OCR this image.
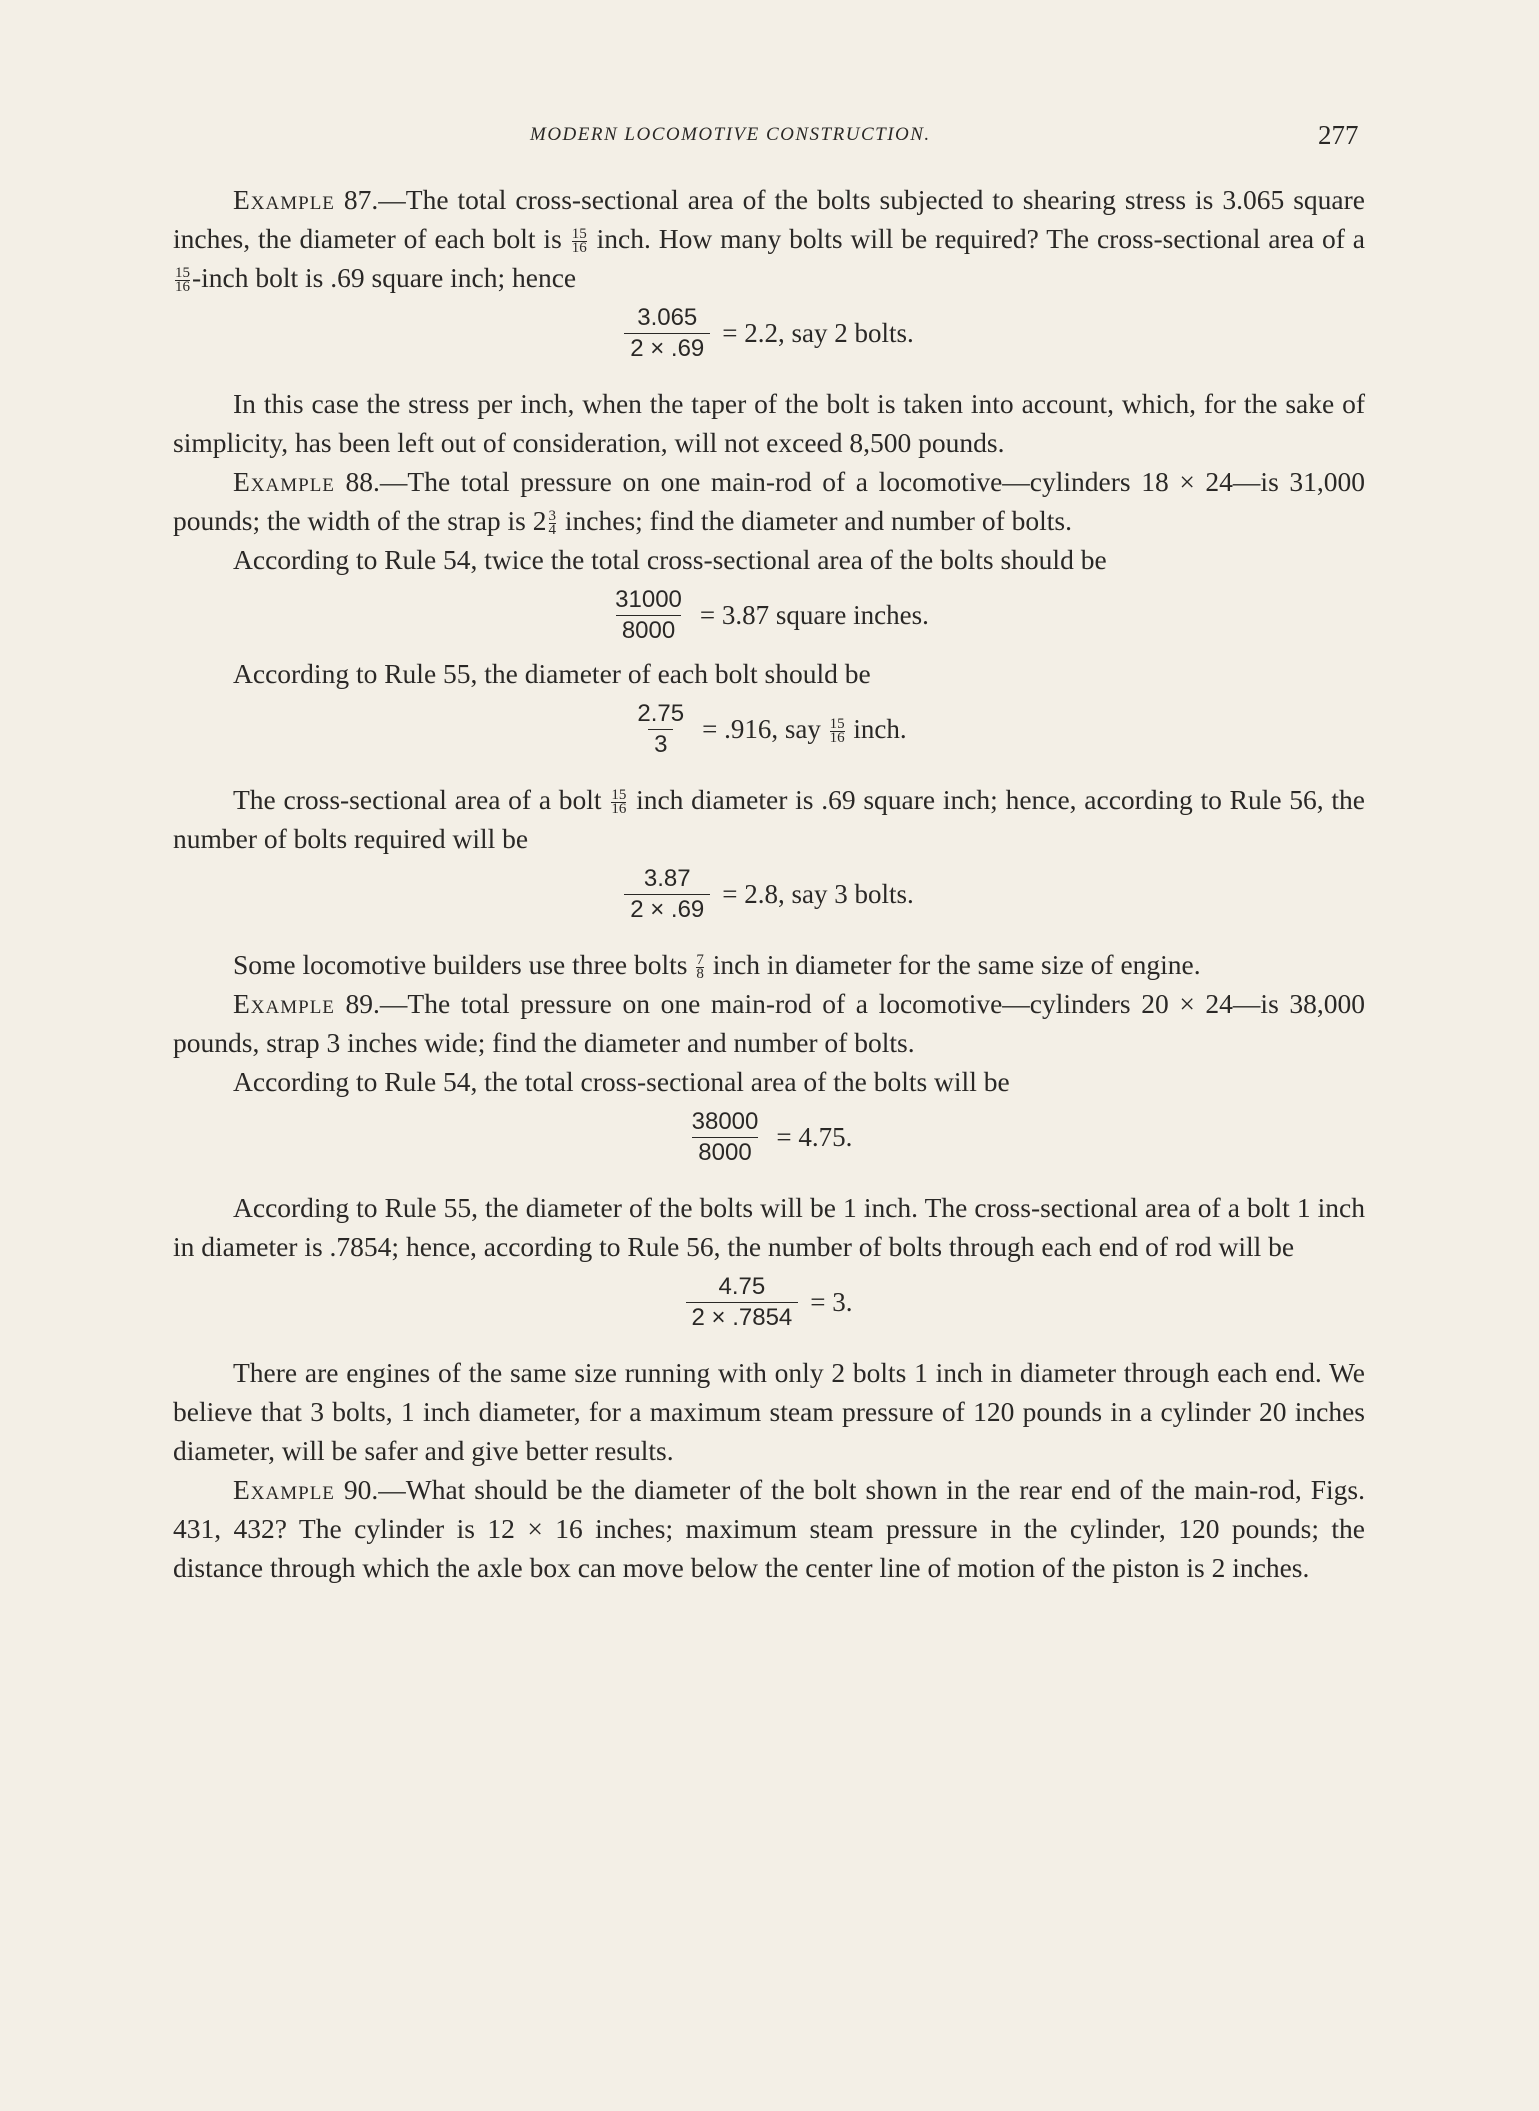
MODERN LOCOMOTIVE CONSTRUCTION.	277

Example 87.—The total cross-sectional area of the bolts subjected to shearing stress is 3.065 square inches, the diameter of each bolt is $\frac{15}{16}$ inch. How many bolts will be required? The cross-sectional area of a
$\frac{15}{16}$ -inch bolt is .69 square inch; hence

$\frac{3.065}{2 \times .69} = 2.2$, say 2 bolts.

In this case the stress per inch, when the taper of the bolt is taken into account, which, for the sake of simplicity, has been left out of consideration, will not exceed 8,500 pounds.

Example 88.—The total pressure on one main-rod of a locomotive—cylinders 18 × 24—is 31,000 pounds; the width of the strap is $2 \frac{3}{4}$ inches; find the diameter and number of bolts.

According to Rule 54, twice the total cross-sectional area of the bolts should be

$\frac{31000}{8000} = 3.87$ square inches.

According to Rule 55, the diameter of each bolt should be

$\frac{2.75}{3} = .916$, say $\frac{15}{16}$ inch.

The cross-sectional area of a bolt $\frac{15}{16}$ inch diameter is .69 square inch; hence, according to Rule 56, the number of bolts required will be

$\frac{3.87}{2 \times .69} = 2.8$, say 3 bolts.

Some locomotive builders use three bolts $\frac{7}{8}$ inch in diameter for the same size of engine.

Example 89.—The total pressure on one main-rod of a locomotive—cylinders 20 × 24—is 38,000 pounds, strap 3 inches wide; find the diameter and number of bolts.

According to Rule 54, the total cross-sectional area of the bolts will be

$\frac{38000}{8000} = 4.75$.

According to Rule 55, the diameter of the bolts will be 1 inch. The cross-sectional area of a bolt 1 inch in diameter is .7854; hence, according to Rule 56, the number of bolts through each end of rod will be

$\frac{4.75}{2 \times .7854} = 3$.

There are engines of the same size running with only 2 bolts 1 inch in diameter through each end. We believe that 3 bolts, 1 inch diameter, for a maximum steam pressure of 120 pounds in a cylinder 20 inches diameter, will be safer and give better results.

Example 90.—What should be the diameter of the bolt shown in the rear end of the main-rod, Figs. 431, 432? The cylinder is 12 × 16 inches; maximum steam pressure in the cylinder, 120 pounds; the distance through which the axle box can move below the center line of motion of the piston is 2 inches.
